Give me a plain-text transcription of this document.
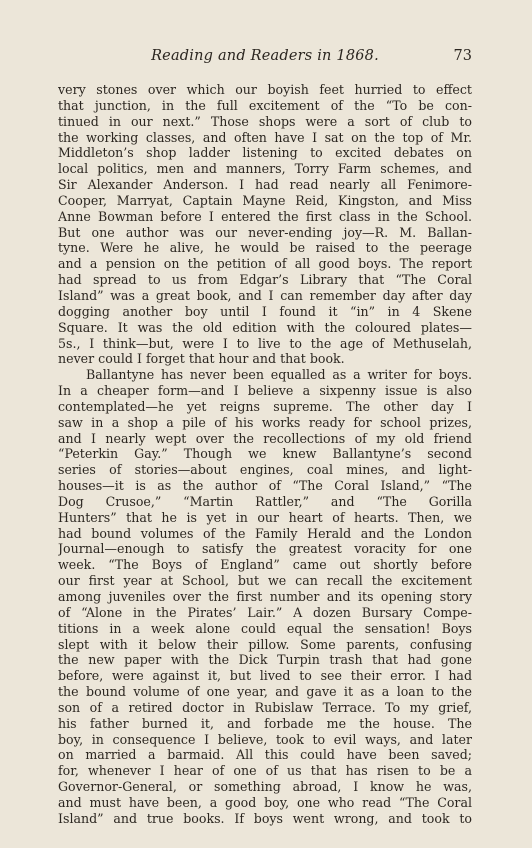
Reading and Readers in 1868.	73
very stones over which our boyish feet hurried to effect
that junction, in the full excitement of the “To be con-
tinued in our next.” Those shops were a sort of club to
the working classes, and often have I sat on the top of Mr.
Middleton’s shop ladder listening to excited debates on
local politics, men and manners, Torry Farm schemes, and
Sir Alexander Anderson. I had read nearly all Fenimore-
Cooper, Marryat, Captain Mayne Reid, Kingston, and Miss
Anne Bowman before I entered the first class in the School.
But one author was our never-ending joy—R. M. Ballan-
tyne. Were he alive, he would be raised to the peerage
and a pension on the petition of all good boys. The report
had spread to us from Edgar’s Library that “The Coral
Island” was a great book, and I can remember day after day
dogging another boy until I found it “in” in 4 Skene
Square. It was the old edition with the coloured plates—
5s., I think—but, were I to live to the age of Methuselah,
never could I forget that hour and that book.
Ballantyne has never been equalled as a writer for boys.
In a cheaper form—and I believe a sixpenny issue is also
contemplated—he yet reigns supreme. The other day I
saw in a shop a pile of his works ready for school prizes,
and I nearly wept over the recollections of my old friend
“Peterkin Gay.” Though we knew Ballantyne’s second
series of stories—about engines, coal mines, and light-
houses—it is as the author of “The Coral Island,” “The
Dog Crusoe,” “Martin Rattler,” and “The Gorilla
Hunters” that he is yet in our heart of hearts. Then, we
had bound volumes of the Family Herald and the London
Journal—enough to satisfy the greatest voracity for one
week. “The Boys of England” came out shortly before
our first year at School, but we can recall the excitement
among juveniles over the first number and its opening story
of “Alone in the Pirates’ Lair.” A dozen Bursary Compe-
titions in a week alone could equal the sensation! Boys
slept with it below their pillow. Some parents, confusing
the new paper with the Dick Turpin trash that had gone
before, were against it, but lived to see their error. I had
the bound volume of one year, and gave it as a loan to the
son of a retired doctor in Rubislaw Terrace. To my grief,
his father burned it, and forbade me the house. The
boy, in consequence I believe, took to evil ways, and later
on married a barmaid. All this could have been saved;
for, whenever I hear of one of us that has risen to be a
Governor-General, or something abroad, I know he was,
and must have been, a good boy, one who read “The Coral
Island” and true books. If boys went wrong, and took to
